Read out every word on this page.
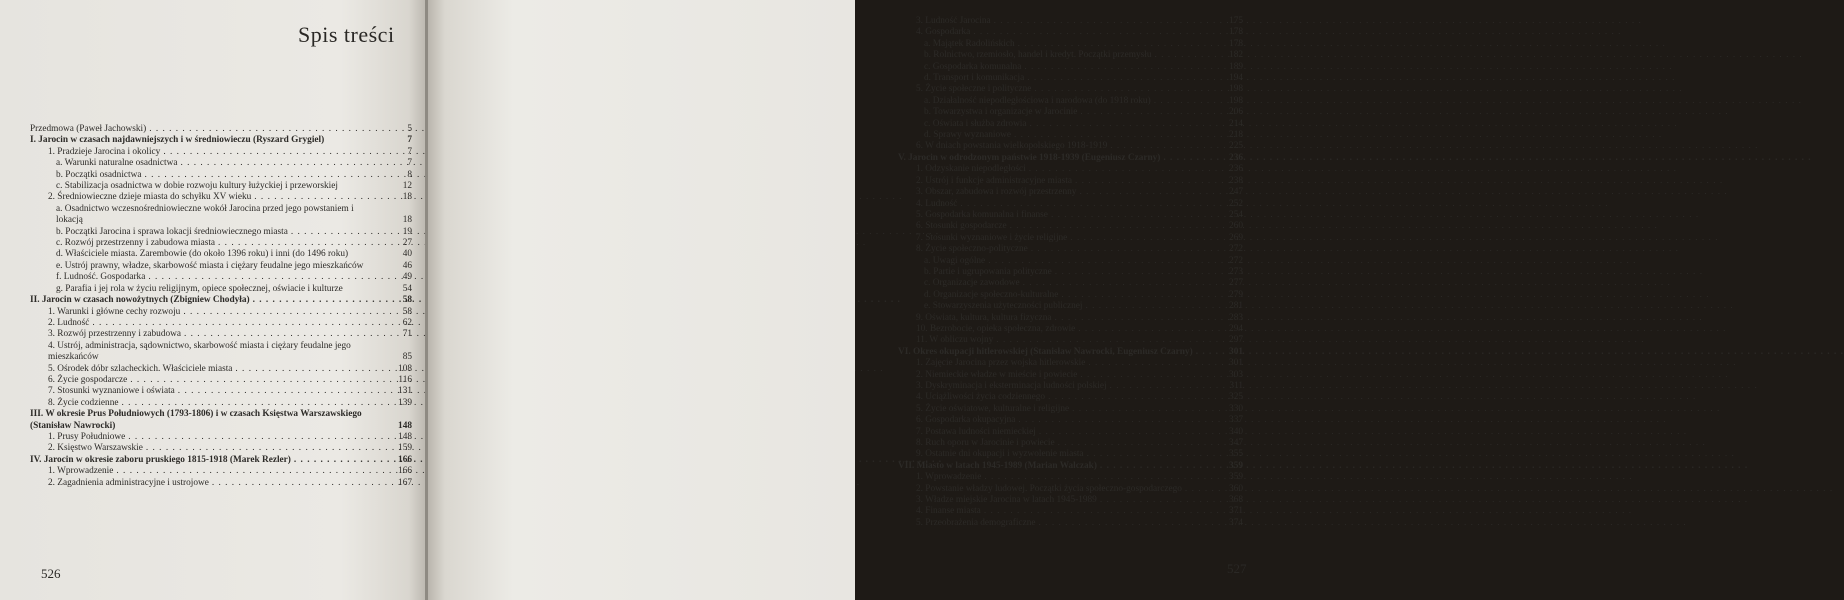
Spis treści
Przedmowa (Paweł Jachowski) . . .	5
I. Jarocin w czasach najdawniejszych i w średniowieczu (Ryszard Grygiel)	7
1. Pradzieje Jarocina i okolicy . . .	7
a. Warunki naturalne osadnictwa . . .	7
b. Początki osadnictwa . . .	8
c. Stabilizacja osadnictwa w dobie rozwoju kultury łużyckiej i przeworskiej	12
2. Średniowieczne dzieje miasta do schyłku XV wieku . . .	18
a. Osadnictwo wczesnośredniowieczne wokół Jarocina przed jego powstaniem i lokacją	18
b. Początki Jarocina i sprawa lokacji średniowiecznego miasta . . .	19
c. Rozwój przestrzenny i zabudowa miasta . . .	27
d. Właściciele miasta. Zarembowie (do około 1396 roku) i inni (do 1496 roku)	40
e. Ustrój prawny, władze, skarbowość miasta i ciężary feudalne jego mieszkańców	46
f. Ludność. Gospodarka . . .	49
g. Parafia i jej rola w życiu religijnym, opiece społecznej, oświacie i kulturze	54
II. Jarocin w czasach nowożytnych (Zbigniew Chodyła) . . .	58
1. Warunki i główne cechy rozwoju . . .	58
2. Ludność . . .	62
3. Rozwój przestrzenny i zabudowa . . .	71
4. Ustrój, administracja, sądownictwo, skarbowość miasta i ciężary feudalne jego mieszkańców	85
5. Ośrodek dóbr szlacheckich. Właściciele miasta . . .	108
6. Życie gospodarcze . . .	116
7. Stosunki wyznaniowe i oświata . . .	131
8. Życie codzienne . . .	139
III. W okresie Prus Południowych (1793-1806) i w czasach Księstwa Warszawskiego (Stanisław Nawrocki)	148
1. Prusy Południowe . . .	148
2. Księstwo Warszawskie . . .	159
IV. Jarocin w okresie zaboru pruskiego 1815-1918 (Marek Rezler) . . .	166
1. Wprowadzenie . . .	166
2. Zagadnienia administracyjne i ustrojowe . . .	167
526
3. Ludność Jarocina . . .	175
4. Gospodarka . . .	178
a. Majątek Radolińskich . . .	178
b. Rolnictwo, rzemiosło, handel i kredyt. Początki przemysłu . . .	182
c. Gospodarka komunalna . . .	189
d. Transport i komunikacja . . .	194
5. Życie społeczne i polityczne . . .	198
a. Działalność niepodległościowa i narodowa (do 1918 roku) . . .	198
b. Towarzystwa i organizacje w Jarocinie . . .	206
c. Oświata i służba zdrowia . . .	214
d. Sprawy wyznaniowe . . .	218
6. W dniach powstania wielkopolskiego 1918-1919 . . .	225
V. Jarocin w odrodzonym państwie 1918-1939 (Eugeniusz Czarny) . . .	236
1. Odzyskanie niepodległości . . .	236
2. Ustrój i funkcje administracyjne miasta . . .	238
3. Obszar, zabudowa i rozwój przestrzenny . . .	247
4. Ludność . . .	252
5. Gospodarka komunalna i finanse . . .	254
6. Stosunki gospodarcze . . .	260
7. Stosunki wyznaniowe i życie religijne . . .	269
8. Życie społeczno-polityczne . . .	272
a. Uwagi ogólne . . .	272
b. Partie i ugrupowania polityczne . . .	273
c. Organizacje zawodowe . . .	277
d. Organizacje społeczno-kulturalne . . .	279
e. Stowarzyszenia użyteczności publicznej . . .	281
9. Oświata, kultura, kultura fizyczna . . .	283
10. Bezrobocie, opieka społeczna, zdrowie . . .	294
11. W obliczu wojny . . .	297
VI. Okres okupacji hitlerowskiej (Stanisław Nawrocki, Eugeniusz Czarny) . . .	301
1. Zajęcie Jarocina przez wojska hitlerowskie . . .	301
2. Niemieckie władze w mieście i powiecie . . .	303
3. Dyskryminacja i eksterminacja ludności polskiej . . .	311
4. Uciążliwości życia codziennego . . .	325
5. Życie oświatowe, kulturalne i religijne . . .	330
6. Gospodarka okupacyjna . . .	337
7. Postawa ludności niemieckiej . . .	340
8. Ruch oporu w Jarocinie i powiecie . . .	347
9. Ostatnie dni okupacji i wyzwolenie miasta . . .	355
VII. Miasto w latach 1945-1989 (Marian Walczak) . . .	359
1. Wprowadzenie . . .	359
2. Powstanie władzy ludowej. Początki życia społeczno-gospodarczego . . .	360
3. Władze miejskie Jarocina w latach 1945-1989 . . .	368
4. Finanse miasta . . .	371
5. Przeobrażenia demograficzne . . .	374
527
